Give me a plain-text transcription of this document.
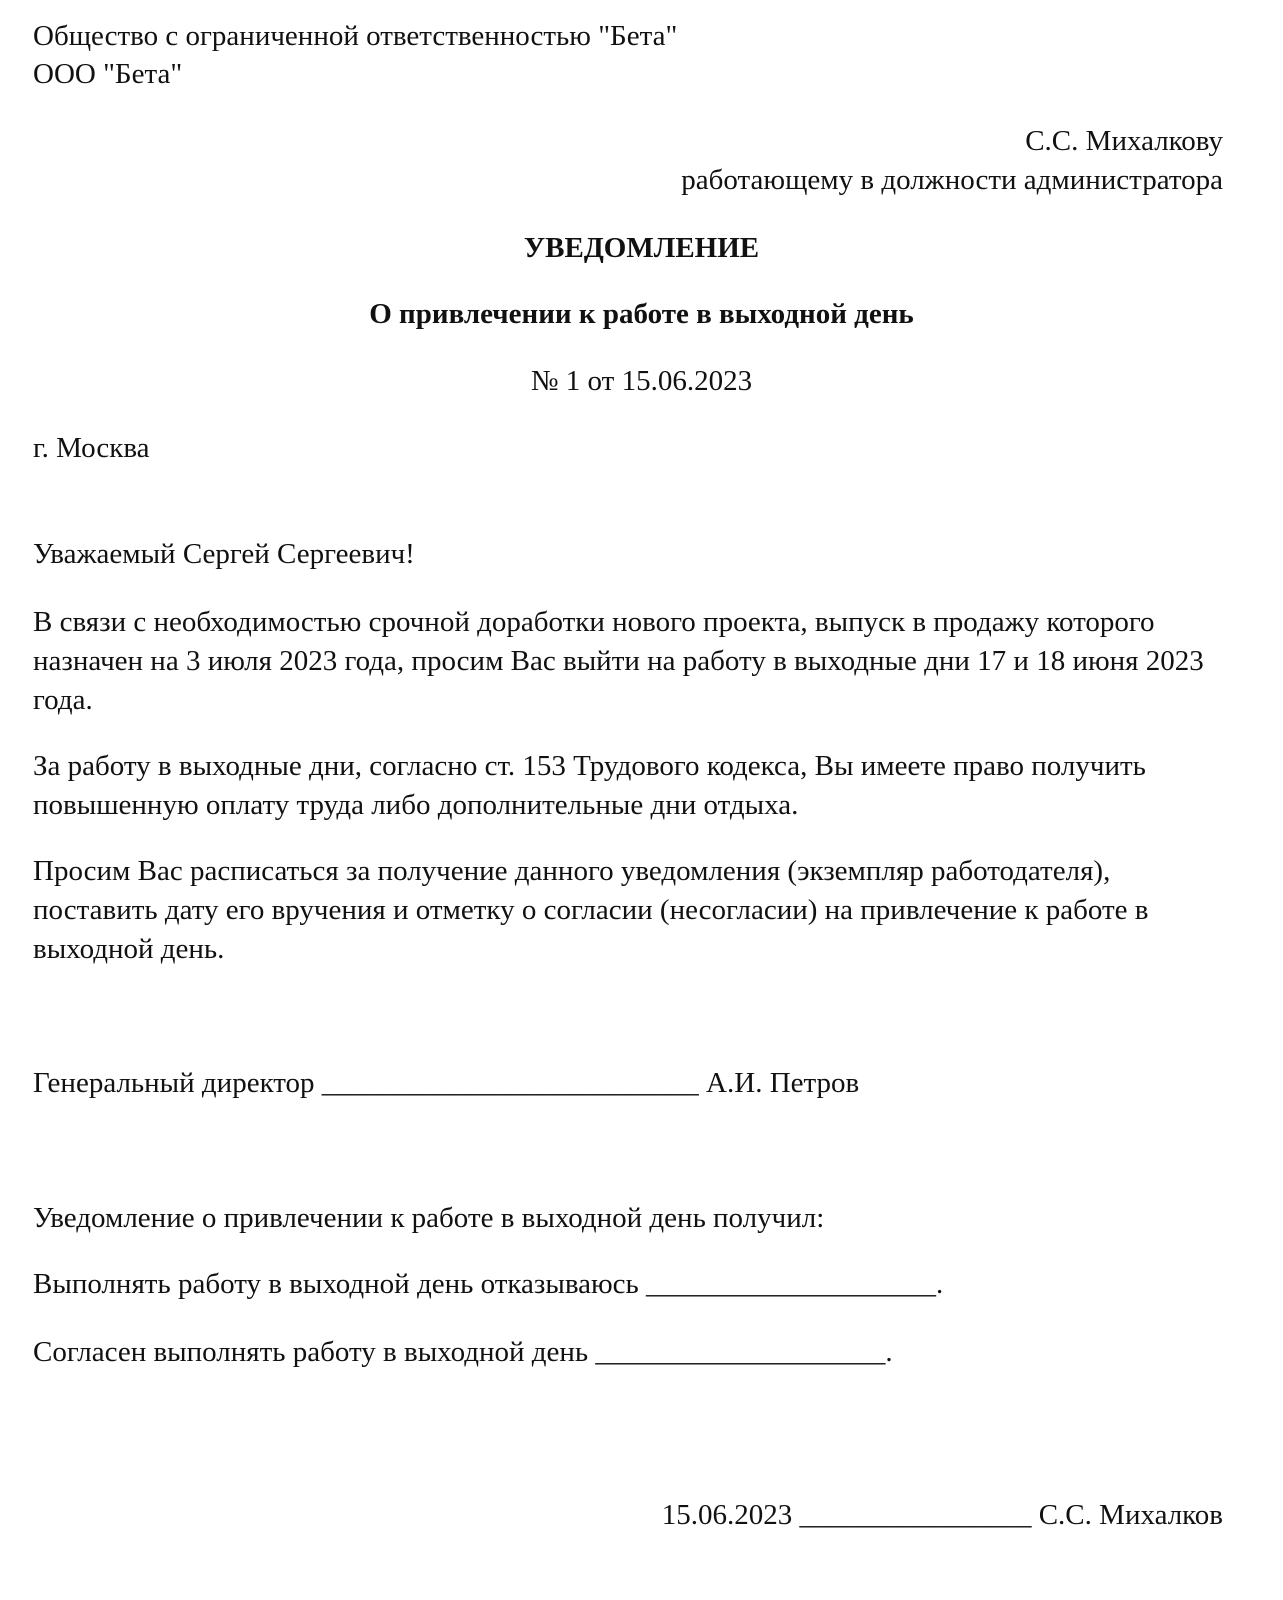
Общество с ограниченной ответственностью "Бета"

ООО "Бета"

С.С. Михалкову

работающему в должности администратора

УВЕДОМЛЕНИЕ

О привлечении к работе в выходной день

№ 1 от 15.06.2023

г. Москва

Уважаемый Сергей Сергеевич!

В связи с необходимостью срочной доработки нового проекта, выпуск в продажу которого назначен на 3 июля 2023 года, просим Вас выйти на работу в выходные дни 17 и 18 июня 2023 года.

За работу в выходные дни, согласно ст. 153 Трудового кодекса, Вы имеете право получить повышенную оплату труда либо дополнительные дни отдыха.

Просим Вас расписаться за получение данного уведомления (экземпляр работодателя), поставить дату его вручения и отметку о согласии (несогласии) на привлечение к работе в выходной день.

Генеральный директор __________________________ А.И. Петров

Уведомление о привлечении к работе в выходной день получил:

Выполнять работу в выходной день отказываюсь ____________________.

Согласен выполнять работу в выходной день ____________________.

15.06.2023 ________________ С.С. Михалков
